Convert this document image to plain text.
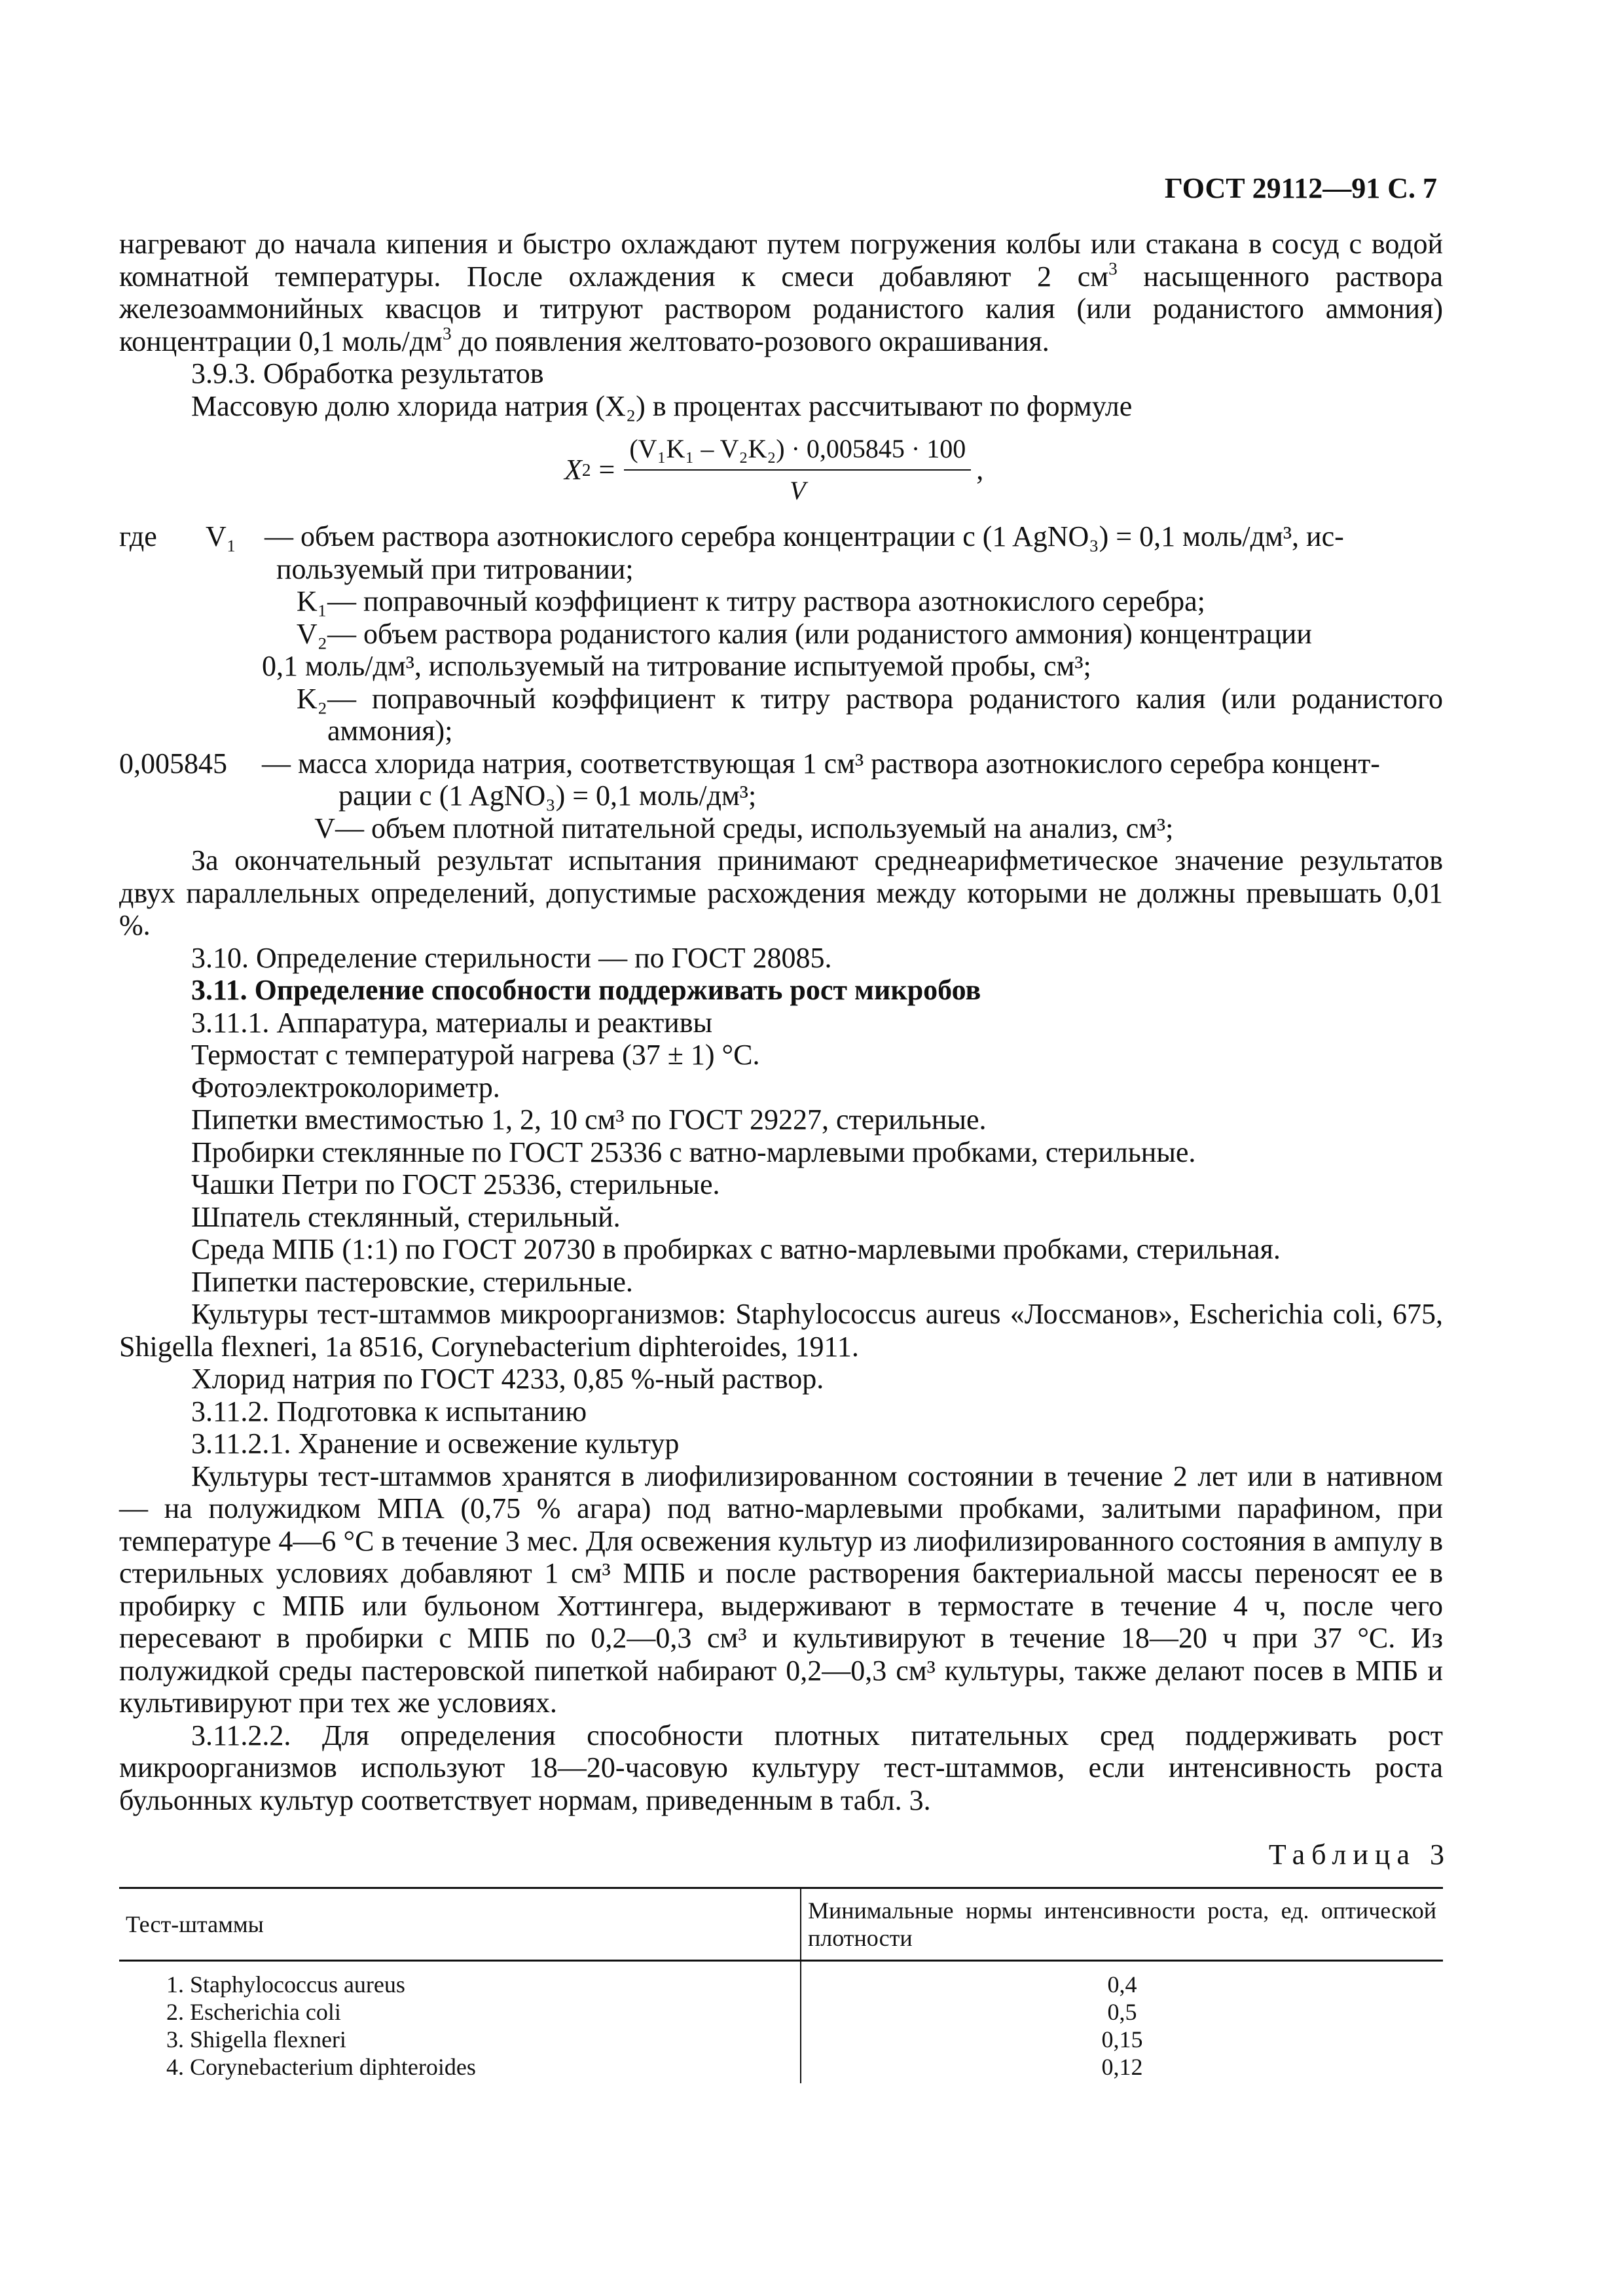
ГОСТ 29112—91 С. 7

нагревают до начала кипения и быстро охлаждают путем погружения колбы или стакана в сосуд с водой комнатной температуры. После охлаждения к смеси добавляют 2 $см^3$ насыщенного раствора железоаммонийных квасцов и титруют раствором роданистого калия (или роданистого аммония) концентрации 0,1 моль/$дм^3$ до появления желтовато-розового окрашивания.

3.9.3. Обработка результатов

Массовую долю хлорида натрия (X₂) в процентах рассчитывают по формуле

X $2 = \frac{\text{(V₁K₁ – V₂K₂) · 0,005845 · 100}}{V}$ ,
где	V₁ — объем раствора азотнокислого серебра концентрации c (1 AgNO₃) = 0,1 моль/дм³, ис-
пользуемый при титровании;
K₁ — поправочный коэффициент к титру раствора азотнокислого серебра;
V₂ — объем раствора роданистого калия (или роданистого аммония) концентрации
0,1 моль/дм³, используемый на титрование испытуемой пробы, см³;
K₂ — поправочный коэффициент к титру раствора роданистого калия (или роданистого аммония);
0,005845	— масса хлорида натрия, соответствующая 1 см³ раствора азотнокислого серебра концент-
рации c (1 AgNO₃) = 0,1 моль/дм³;
V — объем плотной питательной среды, используемый на анализ, см³;

За окончательный результат испытания принимают среднеарифметическое значение результатов двух параллельных определений, допустимые расхождения между которыми не должны превышать 0,01 %.

3.10. Определение стерильности — по ГОСТ 28085.

3.11. Определение способности поддерживать рост микробов

3.11.1. Аппаратура, материалы и реактивы

Термостат с температурой нагрева (37 ± 1) °С.

Фотоэлектроколориметр.

Пипетки вместимостью 1, 2, 10 см³ по ГОСТ 29227, стерильные.

Пробирки стеклянные по ГОСТ 25336 с ватно-марлевыми пробками, стерильные.

Чашки Петри по ГОСТ 25336, стерильные.

Шпатель стеклянный, стерильный.

Среда МПБ (1:1) по ГОСТ 20730 в пробирках с ватно-марлевыми пробками, стерильная.

Пипетки пастеровские, стерильные.

Культуры тест-штаммов микроорганизмов: Staphylococcus aureus «Лоссманов», Escherichia coli, 675, Shigella flexneri, 1a 8516, Corynebacterium diphteroides, 1911.

Хлорид натрия по ГОСТ 4233, 0,85 %-ный раствор.

3.11.2. Подготовка к испытанию

3.11.2.1. Хранение и освежение культур

Культуры тест-штаммов хранятся в лиофилизированном состоянии в течение 2 лет или в нативном — на полужидком МПА (0,75 % агара) под ватно-марлевыми пробками, залитыми парафином, при температуре 4—6 °С в течение 3 мес. Для освежения культур из лиофилизированного состояния в ампулу в стерильных условиях добавляют 1 см³ МПБ и после растворения бактериальной массы переносят ее в пробирку с МПБ или бульоном Хоттингера, выдерживают в термостате в течение 4 ч, после чего пересевают в пробирки с МПБ по 0,2—0,3 см³ и культивируют в течение 18—20 ч при 37 °С. Из полужидкой среды пастеровской пипеткой набирают 0,2—0,3 см³ культуры, также делают посев в МПБ и культивируют при тех же условиях.

3.11.2.2. Для определения способности плотных питательных сред поддерживать рост микроорганизмов используют 18—20-часовую культуру тест-штаммов, если интенсивность роста бульонных культур соответствует нормам, приведенным в табл. 3.

Таблица 3
Тест-штаммы	Минимальные нормы интенсивности роста, ед. оптической плотности
1. Staphylococcus aureus	0,4
2. Escherichia coli	0,5
3. Shigella flexneri	0,15
4. Corynebacterium diphteroides	0,12
